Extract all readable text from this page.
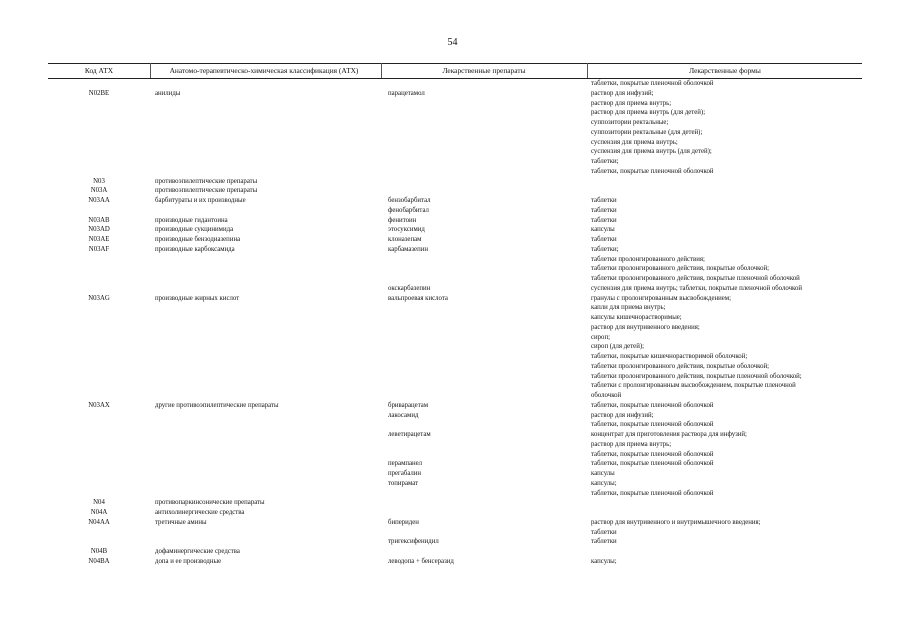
54
Код АТХ	Анатомо-терапевтическо-химическая классификация (АТХ)	Лекарственные препараты	Лекарственные формы
таблетки, покрытые пленочной оболочкой
N02BE	анилиды	парацетамол	раствор для инфузий;
раствор для приема внутрь;
раствор для приема внутрь (для детей);
суппозитории ректальные;
суппозитории ректальные (для детей);
суспензия для приема внутрь;
суспензия для приема внутрь (для детей);
таблетки;
таблетки, покрытые пленочной оболочкой
N03	противоэпилептические препараты
N03A	противоэпилептические препараты
N03AA	барбитураты и их производные	бензобарбитал	таблетки
фенобарбитал	таблетки
N03AB	производные гидантоина	фенитоин	таблетки
N03AD	производные сукцинимида	этосуксимид	капсулы
N03AE	производные бензодиазепина	клоназепам	таблетки
N03AF	производные карбоксамида	карбамазепин	таблетки;
таблетки пролонгированного действия;
таблетки пролонгированного действия, покрытые оболочкой;
таблетки пролонгированного действия, покрытые пленочной оболочкой
окскарбазепин	суспензия для приема внутрь; таблетки, покрытые пленочной оболочкой
N03AG	производные жирных кислот	вальпроевая кислота	гранулы с пролонгированным высвобождением;
капли для приема внутрь;
капсулы кишечнорастворимые;
раствор для внутривенного введения;
сироп;
сироп (для детей);
таблетки, покрытые кишечнорастворимой оболочкой;
таблетки пролонгированного действия, покрытые оболочкой;
таблетки пролонгированного действия, покрытые пленочной оболочкой;
таблетки с пролонгированным высвобождением, покрытые пленочной
оболочкой
N03AX	другие противоэпилептические препараты	бриварацетам	таблетки, покрытые пленочной оболочкой
лакосамид	раствор для инфузий;
таблетки, покрытые пленочной оболочкой
леветирацетам	концентрат для приготовления раствора для инфузий;
раствор для приема внутрь;
таблетки, покрытые пленочной оболочкой
перампанел	таблетки, покрытые пленочной оболочкой
прегабалин	капсулы
топирамат	капсулы;
таблетки, покрытые пленочной оболочкой
N04	противопаркинсонические препараты
N04A	антихолинергические средства
N04AA	третичные амины	бипериден	раствор для внутривенного и внутримышечного введения;
таблетки
тригексифенидил	таблетки
N04B	дофаминергические средства
N04BA	допа и ее производные	леводопа + бенсеразид	капсулы;
